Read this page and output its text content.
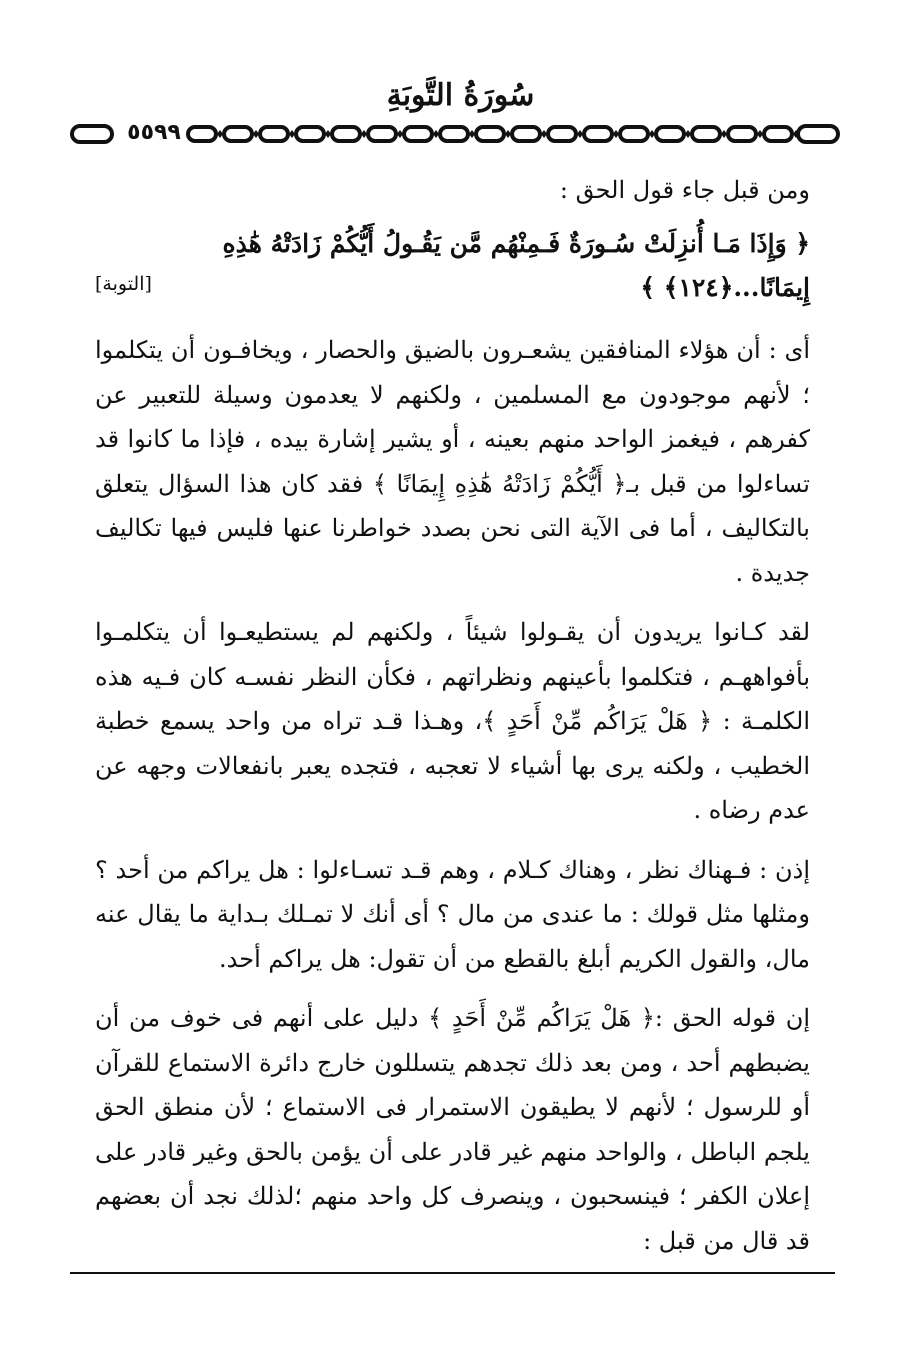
سُورَةُ التَّوبَةِ
٥٥٩٩
ومن قبل جاء قول الحق :
﴿ وَإِذَا مَـا أُنزِلَتْ سُـورَةٌ فَـمِنْهُم مَّن يَقُـولُ أَيُّكُمْ زَادَتْهُ هَٰذِهِ
إِيمَانًا...﴿١٢٤﴾ ﴾
[التوبة]

أى : أن هؤلاء المنافقين يشعـرون بالضيق والحصار ، ويخافـون أن يتكلموا ؛ لأنهم موجودون مع المسلمين ، ولكنهم لا يعدمون وسيلة للتعبير عن كفرهم ، فيغمز الواحد منهم بعينه ، أو يشير إشارة بيده ، فإذا ما كانوا قد تساءلوا من قبل بـ﴿ أَيُّكُمْ زَادَتْهُ هَٰذِهِ إِيمَانًا ﴾ فقد كان هذا السؤال يتعلق بالتكاليف ، أما فى الآية التى نحن بصدد خواطرنا عنها فليس فيها تكاليف جديدة .

لقد كـانوا يريدون أن يقـولوا شيئاً ، ولكنهم لم يستطيعـوا أن يتكلمـوا بأفواههـم ، فتكلموا بأعينهم ونظراتهم ، فكأن النظر نفسـه كان فـيه هذه الكلمـة : ﴿ هَلْ يَرَاكُم مِّنْ أَحَدٍ ﴾، وهـذا قـد تراه من واحد يسمع خطبة الخطيب ، ولكنه يرى بها أشياء لا تعجبه ، فتجده يعبر بانفعالات وجهه عن عدم رضاه .

إذن : فـهناك نظر ، وهناك كـلام ، وهم قـد تسـاءلوا : هل يراكم من أحد ؟ ومثلها مثل قولك : ما عندى من مال ؟ أى أنك لا تمـلك بـداية ما يقال عنه مال، والقول الكريم أبلغ بالقطع من أن تقول: هل يراكم أحد.

إن قوله الحق :﴿ هَلْ يَرَاكُم مِّنْ أَحَدٍ ﴾ دليل على أنهم فى خوف من أن يضبطهم أحد ، ومن بعد ذلك تجدهم يتسللون خارج دائرة الاستماع للقرآن أو للرسول ؛ لأنهم لا يطيقون الاستمرار فى الاستماع ؛ لأن منطق الحق يلجم الباطل ، والواحد منهم غير قادر على أن يؤمن بالحق وغير قادر على إعلان الكفر ؛ فينسحبون ، وينصرف كل واحد منهم ؛لذلك نجد أن بعضهم قد قال من قبل :
